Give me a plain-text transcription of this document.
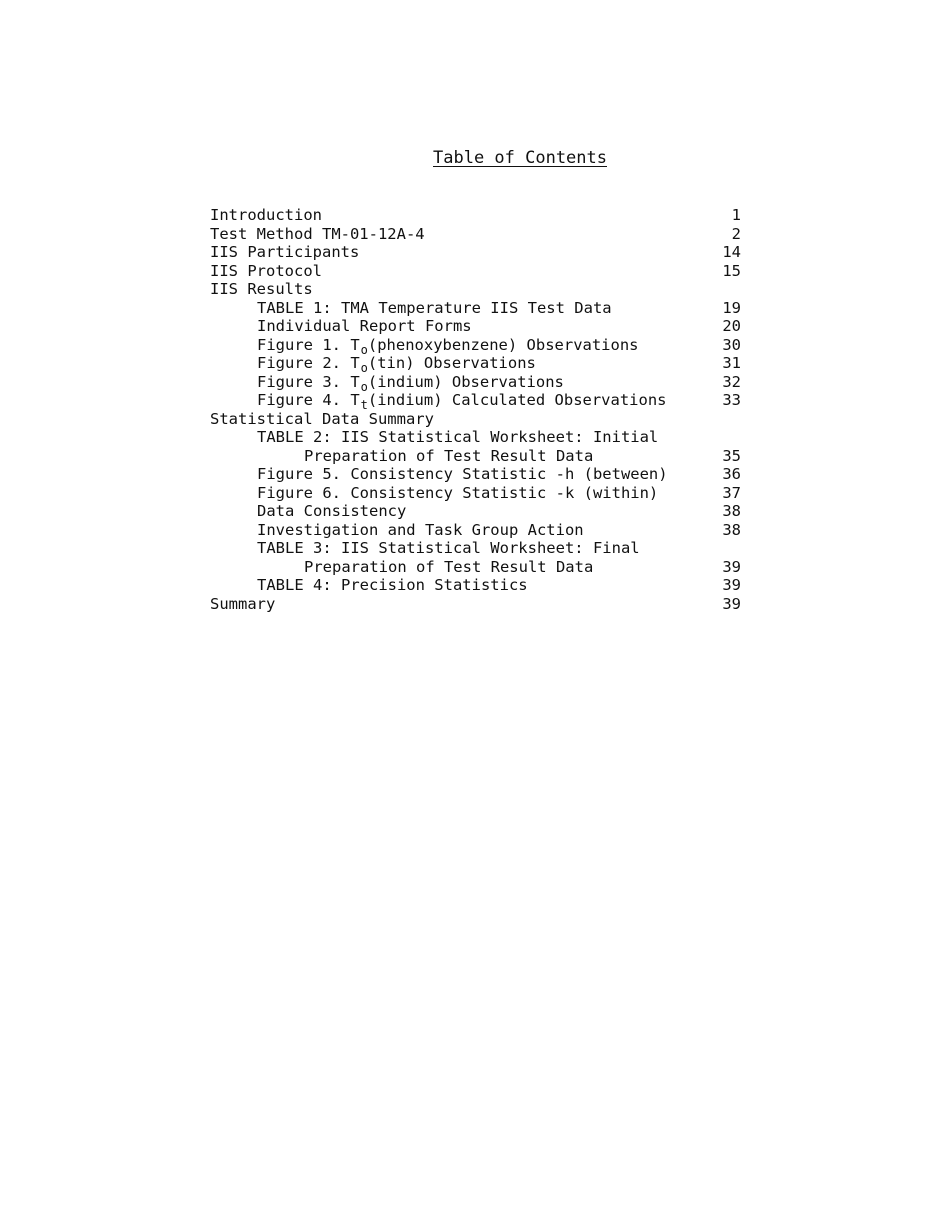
Table of Contents
Introduction	1
Test Method TM-01-12A-4	2
IIS Participants	14
IIS Protocol	15
IIS Results
TABLE 1: TMA Temperature IIS Test Data	19
Individual Report Forms	20
Figure 1. $T_o(phenoxybenzene)$ Observations	30
Figure 2. $T_o(tin)$ Observations	31
Figure 3. $T_o(indium)$ Observations	32
Figure 4. $T_t(indium)$ Calculated Observations	33
Statistical Data Summary
TABLE 2: IIS Statistical Worksheet: Initial
Preparation of Test Result Data	35
Figure 5. Consistency Statistic -h (between)	36
Figure 6. Consistency Statistic -k (within)	37
Data Consistency	38
Investigation and Task Group Action	38
TABLE 3: IIS Statistical Worksheet: Final
Preparation of Test Result Data	39
TABLE 4: Precision Statistics	39
Summary	39
